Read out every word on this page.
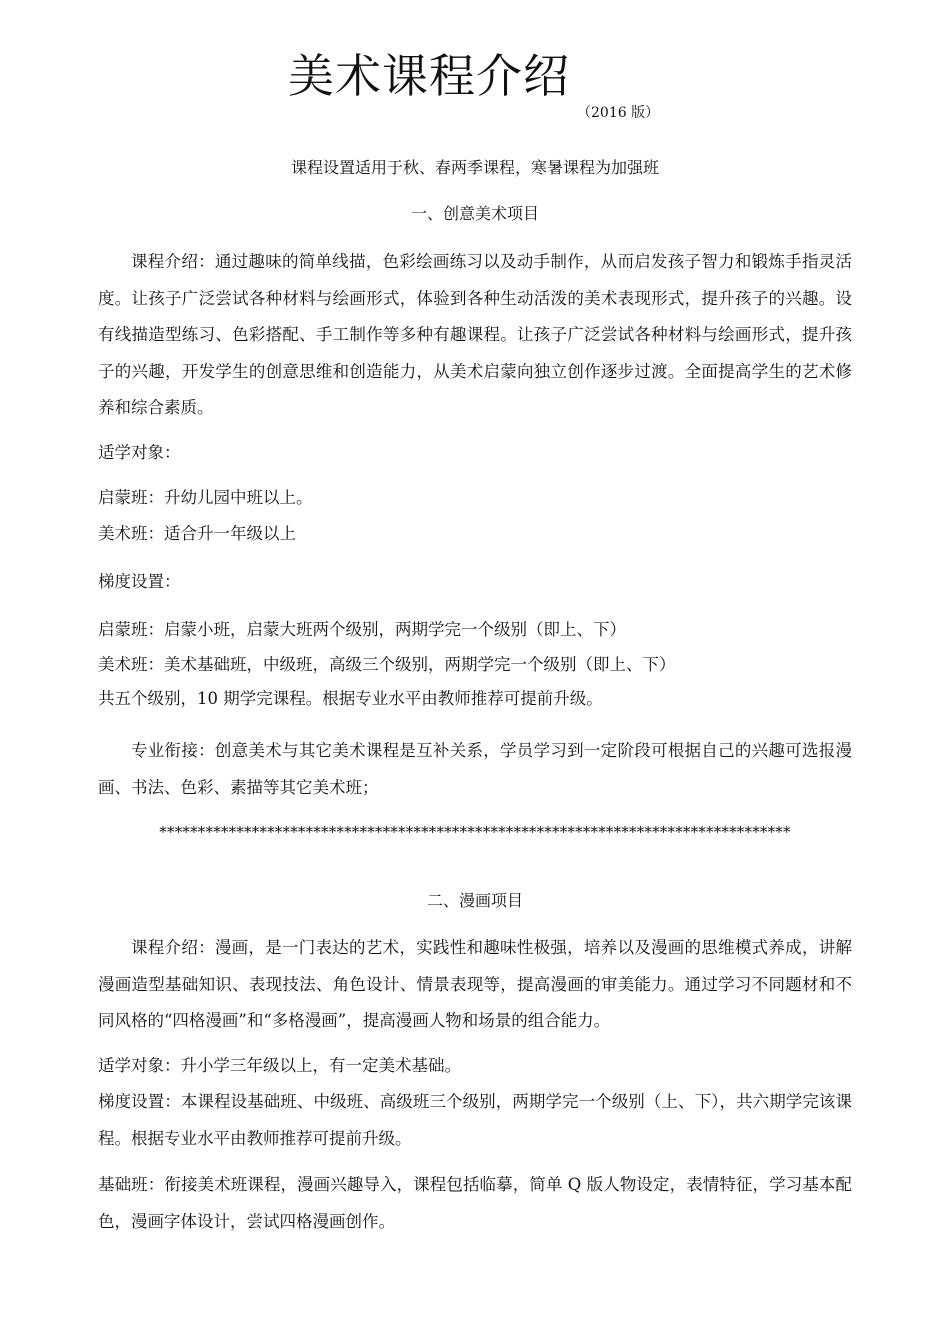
美术课程介绍
（2016 版）
课程设置适用于秋、春两季课程，寒暑课程为加强班
一、创意美术项目
课程介绍：通过趣味的简单线描，色彩绘画练习以及动手制作，从而启发孩子智力和锻炼手指灵活度。让孩子广泛尝试各种材料与绘画形式，体验到各种生动活泼的美术表现形式，提升孩子的兴趣。设有线描造型练习、色彩搭配、手工制作等多种有趣课程。让孩子广泛尝试各种材料与绘画形式，提升孩子的兴趣，开发学生的创意思维和创造能力，从美术启蒙向独立创作逐步过渡。全面提高学生的艺术修养和综合素质。
适学对象：
启蒙班：升幼儿园中班以上。
美术班：适合升一年级以上
梯度设置：
启蒙班：启蒙小班，启蒙大班两个级别，两期学完一个级别（即上、下）
美术班：美术基础班，中级班，高级三个级别，两期学完一个级别（即上、下）
共五个级别，10 期学完课程。根据专业水平由教师推荐可提前升级。
专业衔接：创意美术与其它美术课程是互补关系，学员学习到一定阶段可根据自己的兴趣可选报漫画、书法、色彩、素描等其它美术班；
**********************************************************************************
二、漫画项目
课程介绍：漫画，是一门表达的艺术，实践性和趣味性极强，培养以及漫画的思维模式养成，讲解漫画造型基础知识、表现技法、角色设计、情景表现等，提高漫画的审美能力。通过学习不同题材和不同风格的“四格漫画”和“多格漫画”，提高漫画人物和场景的组合能力。
适学对象：升小学三年级以上，有一定美术基础。
梯度设置：本课程设基础班、中级班、高级班三个级别，两期学完一个级别（上、下），共六期学完该课程。根据专业水平由教师推荐可提前升级。
基础班：衔接美术班课程，漫画兴趣导入，课程包括临摹，简单 Q 版人物设定，表情特征，学习基本配色，漫画字体设计，尝试四格漫画创作。
